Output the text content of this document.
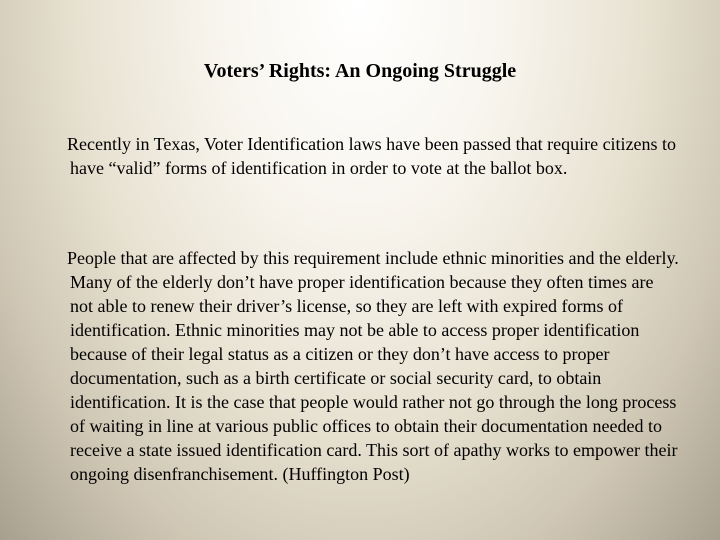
Voters’ Rights: An Ongoing Struggle

Recently in Texas, Voter Identification laws have been passed that require citizens to have “valid” forms of identification in order to vote at the ballot box.

People that are affected by this requirement include ethnic minorities and the elderly. Many of the elderly don’t have proper identification because they often times are not able to renew their driver’s license, so they are left with expired forms of identification. Ethnic minorities may not be able to access proper identification because of their legal status as a citizen or they don’t have access to proper documentation, such as a birth certificate or social security card, to obtain identification. It is the case that people would rather not go through the long process of waiting in line at various public offices to obtain their documentation needed to receive a state issued identification card. This sort of apathy works to empower their ongoing disenfranchisement. (Huffington Post)
